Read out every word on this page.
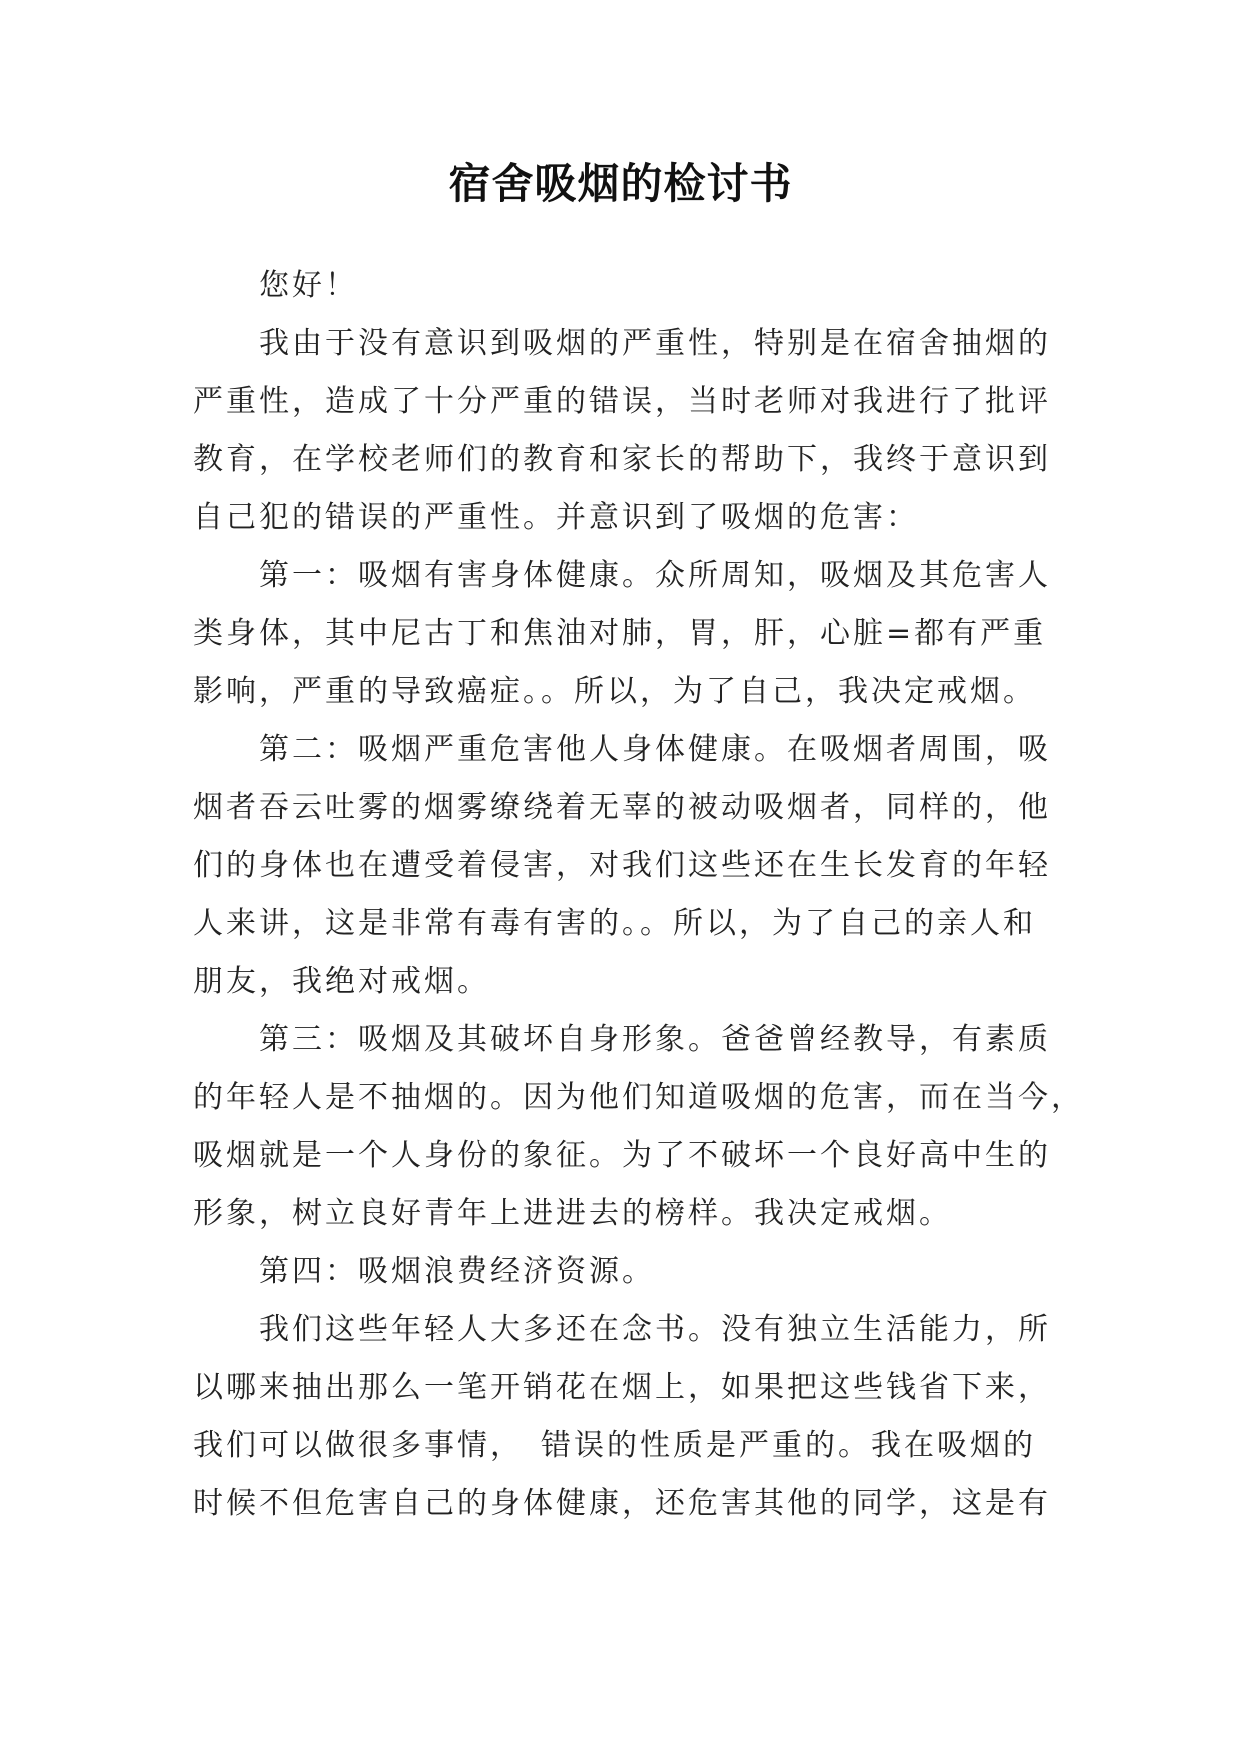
宿舍吸烟的检讨书
您好！
我由于没有意识到吸烟的严重性，特别是在宿舍抽烟的
严重性，造成了十分严重的错误，当时老师对我进行了批评
教育，在学校老师们的教育和家长的帮助下，我终于意识到
自己犯的错误的严重性。并意识到了吸烟的危害：
第一：吸烟有害身体健康。众所周知，吸烟及其危害人
类身体，其中尼古丁和焦油对肺，胃，肝，心脏=都有严重
影响，严重的导致癌症。。所以，为了自己，我决定戒烟。
第二：吸烟严重危害他人身体健康。在吸烟者周围，吸
烟者吞云吐雾的烟雾缭绕着无辜的被动吸烟者，同样的，他
们的身体也在遭受着侵害，对我们这些还在生长发育的年轻
人来讲，这是非常有毒有害的。。所以，为了自己的亲人和
朋友，我绝对戒烟。
第三：吸烟及其破坏自身形象。爸爸曾经教导，有素质
的年轻人是不抽烟的。因为他们知道吸烟的危害，而在当今，
吸烟就是一个人身份的象征。为了不破坏一个良好高中生的
形象，树立良好青年上进进去的榜样。我决定戒烟。
第四：吸烟浪费经济资源。
我们这些年轻人大多还在念书。没有独立生活能力，所
以哪来抽出那么一笔开销花在烟上，如果把这些钱省下来，
我们可以做很多事情，　错误的性质是严重的。我在吸烟的
时候不但危害自己的身体健康，还危害其他的同学，这是有
